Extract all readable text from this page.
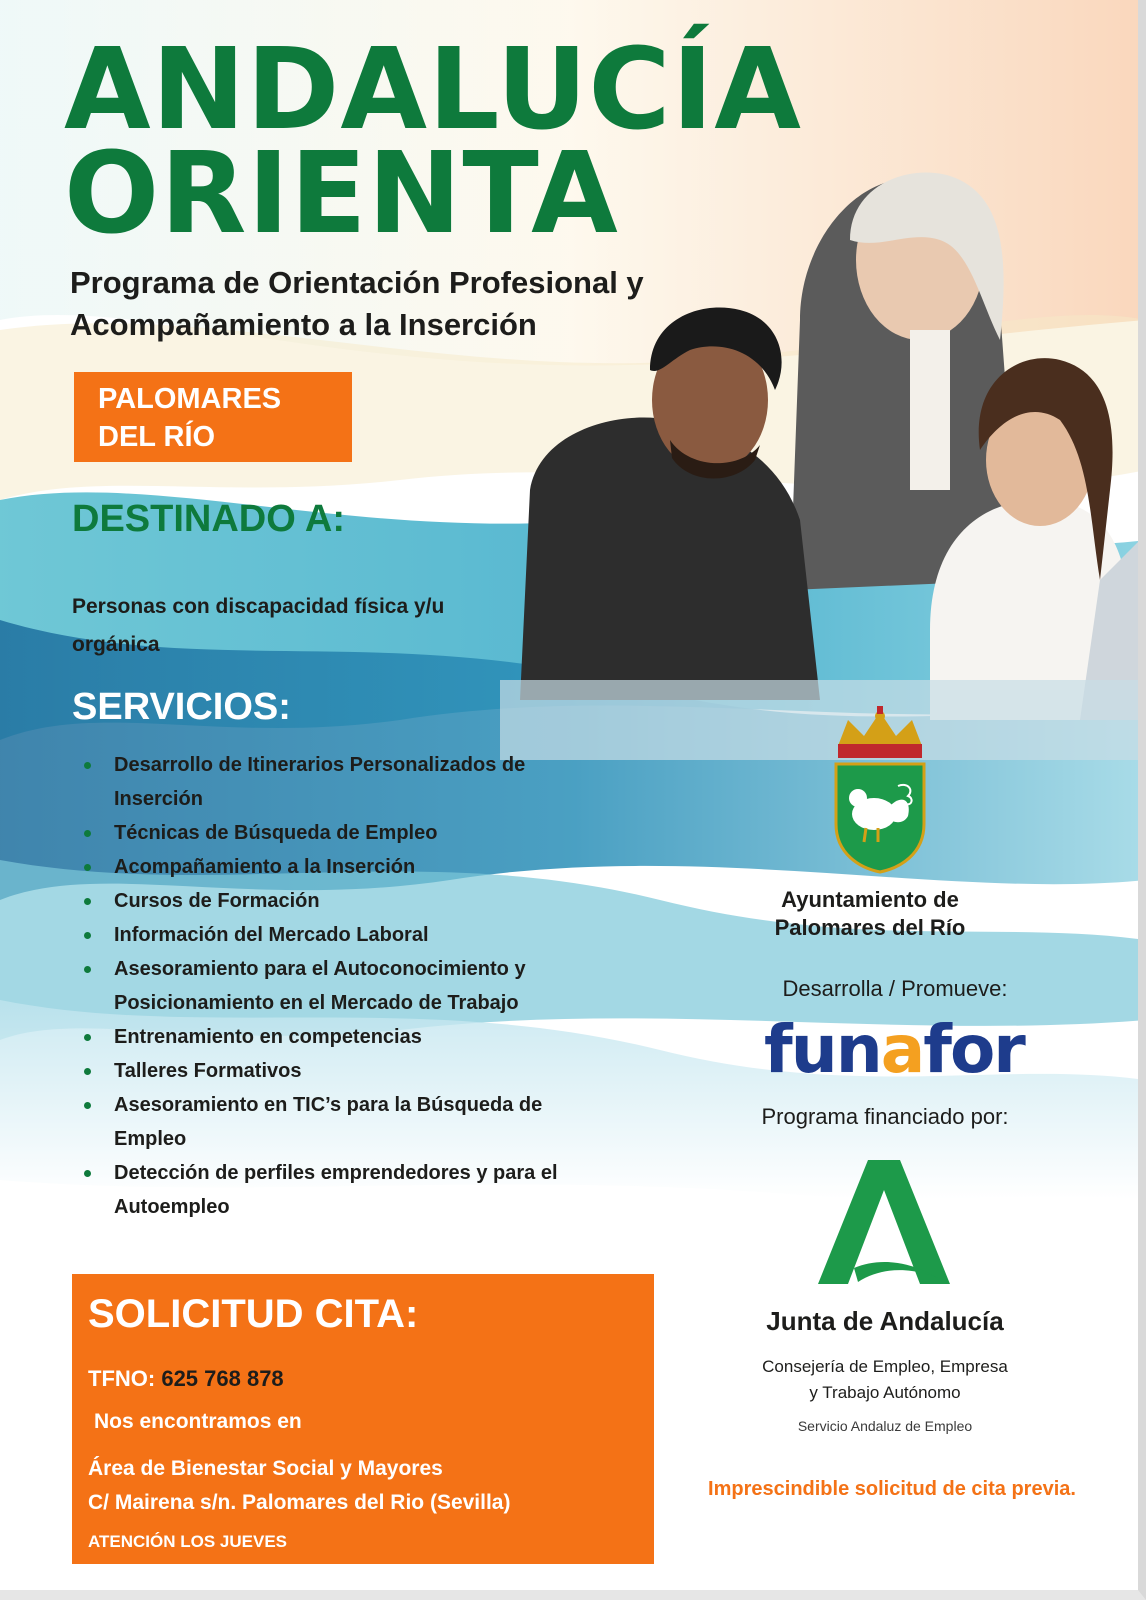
ANDALUCÍA
ORIENTA

Programa de Orientación Profesional y
Acompañamiento a la Inserción

PALOMARES
DEL RÍO
DESTINADO A:

Personas con discapacidad física y/u orgánica

SERVICIOS:
Desarrollo de Itinerarios Personalizados de Inserción
Técnicas de Búsqueda de Empleo
Acompañamiento a la Inserción
Cursos de Formación
Información del Mercado Laboral
Asesoramiento para el Autoconocimiento y Posicionamiento en el Mercado de Trabajo
Entrenamiento en competencias
Talleres Formativos
Asesoramiento en TIC’s para la Búsqueda de Empleo
Detección de perfiles emprendedores y para el Autoempleo

Ayuntamiento de
Palomares del Río

Desarrolla / Promueve:

funafor

Programa financiado por:

Junta de Andalucía

Consejería de Empleo, Empresa
y Trabajo Autónomo

Servicio Andaluz de Empleo

Imprescindible solicitud de cita previa.

SOLICITUD CITA:

TFNO: 625 768 878

Nos encontramos en

Área de Bienestar Social y Mayores
C/ Mairena s/n. Palomares del Rio (Sevilla)

ATENCIÓN LOS JUEVES
